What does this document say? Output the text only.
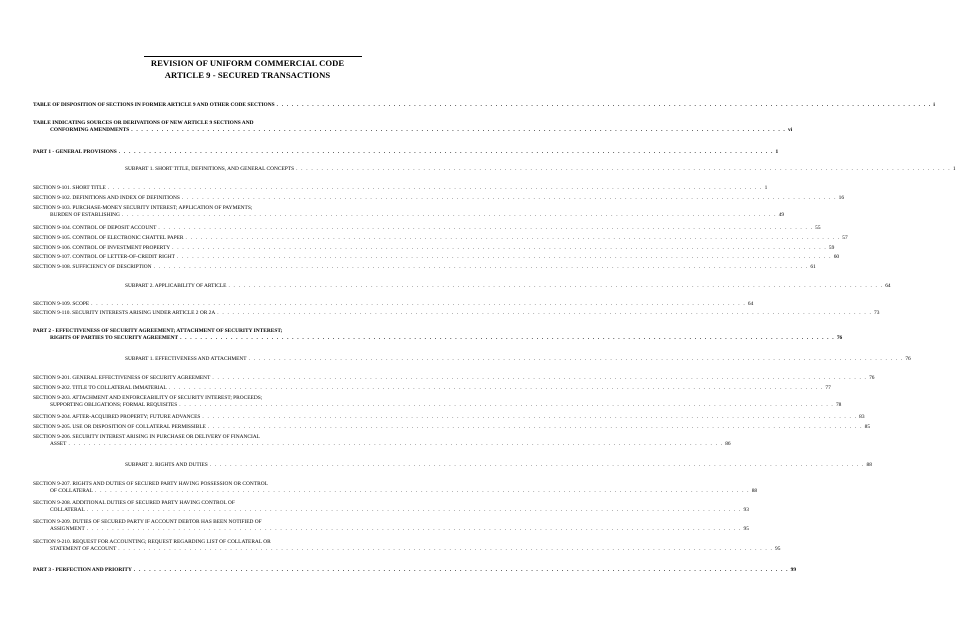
REVISION OF UNIFORM COMMERCIAL CODE
ARTICLE 9 - SECURED TRANSACTIONS
TABLE OF DISPOSITION OF SECTIONS IN FORMER ARTICLE 9 AND OTHER CODE SECTIONS . . . . . . . . . . . . . . . . . . . . . . . . . . . . . . . . . . . . . . . . . . . . . . . . . . . . . . . . . . . . . . . . . . . . . . . . . . . . . . . . . . . . . . . . . . . . . . . . . . . . . . . . . . . . . . . . . . . . . . . . . . . . . . . . . i
TABLE INDICATING SOURCES OR DERIVATIONS OF NEW ARTICLE 9 SECTIONS AND
CONFORMING AMENDMENTS . . . . . . . . . . . . . . . . . . . . . . . . . . . . . . . . . . . . . . . . . . . . . . . . . . . . . . . . . . . . . . . . . . . . . . . . . . . . . . . . . . . . . . . . . . . . . . . . . . . . . . . . . . . . . . . . . . . . . . . . . . . . . . . . . vi
PART 1 - GENERAL PROVISIONS . . . . . . . . . . . . . . . . . . . . . . . . . . . . . . . . . . . . . . . . . . . . . . . . . . . . . . . . . . . . . . . . . . . . . . . . . . . . . . . . . . . . . . . . . . . . . . . . . . . . . . . . . . . . . . . . . . . . . . . . . . . . . . . . . 1
SUBPART 1. SHORT TITLE, DEFINITIONS, AND GENERAL CONCEPTS . . . . . . . . . . . . . . . . . . . . . . . . . . . . . . . . . . . . . . . . . . . . . . . . . . . . . . . . . . . . . . . . . . . . . . . . . . . . . . . . . . . . . . . . . . . . . . . . . . . . . . . . . . . . . . . . . . . . . . . . . . . . . . . . . 1
SECTION 9-101. SHORT TITLE . . . . . . . . . . . . . . . . . . . . . . . . . . . . . . . . . . . . . . . . . . . . . . . . . . . . . . . . . . . . . . . . . . . . . . . . . . . . . . . . . . . . . . . . . . . . . . . . . . . . . . . . . . . . . . . . . . . . . . . . . . . . . . . . . 1
SECTION 9-102. DEFINITIONS AND INDEX OF DEFINITIONS . . . . . . . . . . . . . . . . . . . . . . . . . . . . . . . . . . . . . . . . . . . . . . . . . . . . . . . . . . . . . . . . . . . . . . . . . . . . . . . . . . . . . . . . . . . . . . . . . . . . . . . . . . . . . . . . . . . . . . . . . . . . . . . . . 16
SECTION 9-103. PURCHASE-MONEY SECURITY INTEREST; APPLICATION OF PAYMENTS;
BURDEN OF ESTABLISHING . . . . . . . . . . . . . . . . . . . . . . . . . . . . . . . . . . . . . . . . . . . . . . . . . . . . . . . . . . . . . . . . . . . . . . . . . . . . . . . . . . . . . . . . . . . . . . . . . . . . . . . . . . . . . . . . . . . . . . . . . . . . . . . . . 49
SECTION 9-104. CONTROL OF DEPOSIT ACCOUNT . . . . . . . . . . . . . . . . . . . . . . . . . . . . . . . . . . . . . . . . . . . . . . . . . . . . . . . . . . . . . . . . . . . . . . . . . . . . . . . . . . . . . . . . . . . . . . . . . . . . . . . . . . . . . . . . . . . . . . . . . . . . . . . . . 55
SECTION 9-105. CONTROL OF ELECTRONIC CHATTEL PAPER . . . . . . . . . . . . . . . . . . . . . . . . . . . . . . . . . . . . . . . . . . . . . . . . . . . . . . . . . . . . . . . . . . . . . . . . . . . . . . . . . . . . . . . . . . . . . . . . . . . . . . . . . . . . . . . . . . . . . . . . . . . . . . . . . 57
SECTION 9-106. CONTROL OF INVESTMENT PROPERTY . . . . . . . . . . . . . . . . . . . . . . . . . . . . . . . . . . . . . . . . . . . . . . . . . . . . . . . . . . . . . . . . . . . . . . . . . . . . . . . . . . . . . . . . . . . . . . . . . . . . . . . . . . . . . . . . . . . . . . . . . . . . . . . . . 59
SECTION 9-107. CONTROL OF LETTER-OF-CREDIT RIGHT . . . . . . . . . . . . . . . . . . . . . . . . . . . . . . . . . . . . . . . . . . . . . . . . . . . . . . . . . . . . . . . . . . . . . . . . . . . . . . . . . . . . . . . . . . . . . . . . . . . . . . . . . . . . . . . . . . . . . . . . . . . . . . . . . 60
SECTION 9-108. SUFFICIENCY OF DESCRIPTION . . . . . . . . . . . . . . . . . . . . . . . . . . . . . . . . . . . . . . . . . . . . . . . . . . . . . . . . . . . . . . . . . . . . . . . . . . . . . . . . . . . . . . . . . . . . . . . . . . . . . . . . . . . . . . . . . . . . . . . . . . . . . . . . . 61
SUBPART 2. APPLICABILITY OF ARTICLE . . . . . . . . . . . . . . . . . . . . . . . . . . . . . . . . . . . . . . . . . . . . . . . . . . . . . . . . . . . . . . . . . . . . . . . . . . . . . . . . . . . . . . . . . . . . . . . . . . . . . . . . . . . . . . . . . . . . . . . . . . . . . . . . . 64
SECTION 9-109. SCOPE . . . . . . . . . . . . . . . . . . . . . . . . . . . . . . . . . . . . . . . . . . . . . . . . . . . . . . . . . . . . . . . . . . . . . . . . . . . . . . . . . . . . . . . . . . . . . . . . . . . . . . . . . . . . . . . . . . . . . . . . . . . . . . . . . 64
SECTION 9-110. SECURITY INTERESTS ARISING UNDER ARTICLE 2 OR 2A . . . . . . . . . . . . . . . . . . . . . . . . . . . . . . . . . . . . . . . . . . . . . . . . . . . . . . . . . . . . . . . . . . . . . . . . . . . . . . . . . . . . . . . . . . . . . . . . . . . . . . . . . . . . . . . . . . . . . . . . . . . . . . . . . 73
PART 2 - EFFECTIVENESS OF SECURITY AGREEMENT; ATTACHMENT OF SECURITY INTEREST;
RIGHTS OF PARTIES TO SECURITY AGREEMENT . . . . . . . . . . . . . . . . . . . . . . . . . . . . . . . . . . . . . . . . . . . . . . . . . . . . . . . . . . . . . . . . . . . . . . . . . . . . . . . . . . . . . . . . . . . . . . . . . . . . . . . . . . . . . . . . . . . . . . . . . . . . . . . . . 76
SUBPART 1. EFFECTIVENESS AND ATTACHMENT . . . . . . . . . . . . . . . . . . . . . . . . . . . . . . . . . . . . . . . . . . . . . . . . . . . . . . . . . . . . . . . . . . . . . . . . . . . . . . . . . . . . . . . . . . . . . . . . . . . . . . . . . . . . . . . . . . . . . . . . . . . . . . . . . 76
SECTION 9-201. GENERAL EFFECTIVENESS OF SECURITY AGREEMENT . . . . . . . . . . . . . . . . . . . . . . . . . . . . . . . . . . . . . . . . . . . . . . . . . . . . . . . . . . . . . . . . . . . . . . . . . . . . . . . . . . . . . . . . . . . . . . . . . . . . . . . . . . . . . . . . . . . . . . . . . . . . . . . . . 76
SECTION 9-202. TITLE TO COLLATERAL IMMATERIAL . . . . . . . . . . . . . . . . . . . . . . . . . . . . . . . . . . . . . . . . . . . . . . . . . . . . . . . . . . . . . . . . . . . . . . . . . . . . . . . . . . . . . . . . . . . . . . . . . . . . . . . . . . . . . . . . . . . . . . . . . . . . . . . . . 77
SECTION 9-203. ATTACHMENT AND ENFORCEABILITY OF SECURITY INTEREST; PROCEEDS;
SUPPORTING OBLIGATIONS; FORMAL REQUISITES . . . . . . . . . . . . . . . . . . . . . . . . . . . . . . . . . . . . . . . . . . . . . . . . . . . . . . . . . . . . . . . . . . . . . . . . . . . . . . . . . . . . . . . . . . . . . . . . . . . . . . . . . . . . . . . . . . . . . . . . . . . . . . . . . 78
SECTION 9-204. AFTER-ACQUIRED PROPERTY; FUTURE ADVANCES . . . . . . . . . . . . . . . . . . . . . . . . . . . . . . . . . . . . . . . . . . . . . . . . . . . . . . . . . . . . . . . . . . . . . . . . . . . . . . . . . . . . . . . . . . . . . . . . . . . . . . . . . . . . . . . . . . . . . . . . . . . . . . . . . 83
SECTION 9-205. USE OR DISPOSITION OF COLLATERAL PERMISSIBLE . . . . . . . . . . . . . . . . . . . . . . . . . . . . . . . . . . . . . . . . . . . . . . . . . . . . . . . . . . . . . . . . . . . . . . . . . . . . . . . . . . . . . . . . . . . . . . . . . . . . . . . . . . . . . . . . . . . . . . . . . . . . . . . . . 85
SECTION 9-206. SECURITY INTEREST ARISING IN PURCHASE OR DELIVERY OF FINANCIAL
ASSET . . . . . . . . . . . . . . . . . . . . . . . . . . . . . . . . . . . . . . . . . . . . . . . . . . . . . . . . . . . . . . . . . . . . . . . . . . . . . . . . . . . . . . . . . . . . . . . . . . . . . . . . . . . . . . . . . . . . . . . . . . . . . . . . . 86
SUBPART 2. RIGHTS AND DUTIES . . . . . . . . . . . . . . . . . . . . . . . . . . . . . . . . . . . . . . . . . . . . . . . . . . . . . . . . . . . . . . . . . . . . . . . . . . . . . . . . . . . . . . . . . . . . . . . . . . . . . . . . . . . . . . . . . . . . . . . . . . . . . . . . . 88
SECTION 9-207. RIGHTS AND DUTIES OF SECURED PARTY HAVING POSSESSION OR CONTROL
OF COLLATERAL . . . . . . . . . . . . . . . . . . . . . . . . . . . . . . . . . . . . . . . . . . . . . . . . . . . . . . . . . . . . . . . . . . . . . . . . . . . . . . . . . . . . . . . . . . . . . . . . . . . . . . . . . . . . . . . . . . . . . . . . . . . . . . . . . 88
SECTION 9-208. ADDITIONAL DUTIES OF SECURED PARTY HAVING CONTROL OF
COLLATERAL . . . . . . . . . . . . . . . . . . . . . . . . . . . . . . . . . . . . . . . . . . . . . . . . . . . . . . . . . . . . . . . . . . . . . . . . . . . . . . . . . . . . . . . . . . . . . . . . . . . . . . . . . . . . . . . . . . . . . . . . . . . . . . . . . 93
SECTION 9-209. DUTIES OF SECURED PARTY IF ACCOUNT DEBTOR HAS BEEN NOTIFIED OF
ASSIGNMENT . . . . . . . . . . . . . . . . . . . . . . . . . . . . . . . . . . . . . . . . . . . . . . . . . . . . . . . . . . . . . . . . . . . . . . . . . . . . . . . . . . . . . . . . . . . . . . . . . . . . . . . . . . . . . . . . . . . . . . . . . . . . . . . . . 95
SECTION 9-210. REQUEST FOR ACCOUNTING; REQUEST REGARDING LIST OF COLLATERAL OR
STATEMENT OF ACCOUNT . . . . . . . . . . . . . . . . . . . . . . . . . . . . . . . . . . . . . . . . . . . . . . . . . . . . . . . . . . . . . . . . . . . . . . . . . . . . . . . . . . . . . . . . . . . . . . . . . . . . . . . . . . . . . . . . . . . . . . . . . . . . . . . . . 95
PART 3 - PERFECTION AND PRIORITY . . . . . . . . . . . . . . . . . . . . . . . . . . . . . . . . . . . . . . . . . . . . . . . . . . . . . . . . . . . . . . . . . . . . . . . . . . . . . . . . . . . . . . . . . . . . . . . . . . . . . . . . . . . . . . . . . . . . . . . . . . . . . . . . . 99
